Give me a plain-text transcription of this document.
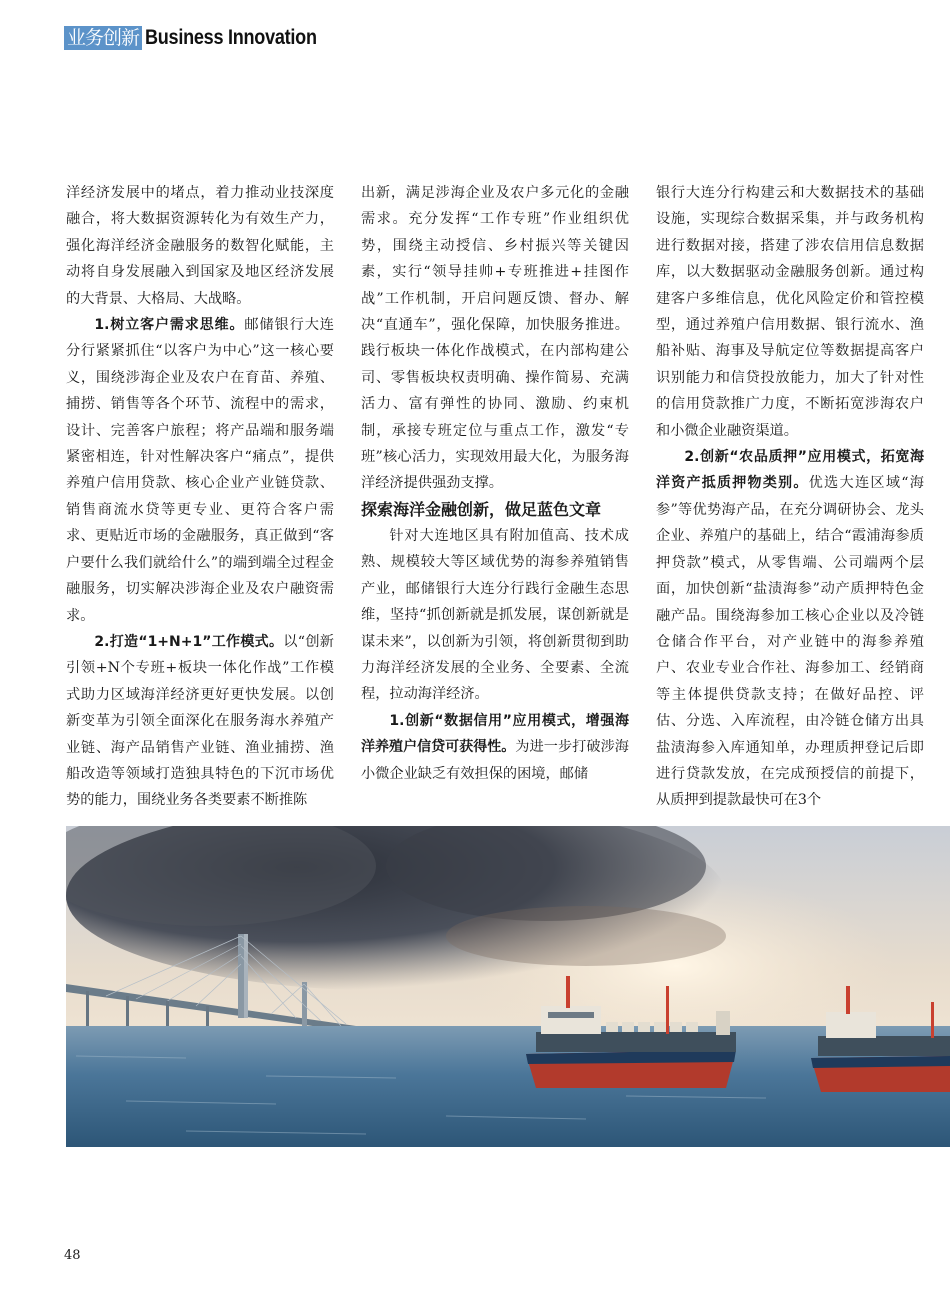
业务创新 Business Innovation

洋经济发展中的堵点，着力推动业技深度融合，将大数据资源转化为有效生产力，强化海洋经济金融服务的数智化赋能，主动将自身发展融入到国家及地区经济发展的大背景、大格局、大战略。

1.树立客户需求思维。邮储银行大连分行紧紧抓住“以客户为中心”这一核心要义，围绕涉海企业及农户在育苗、养殖、捕捞、销售等各个环节、流程中的需求，设计、完善客户旅程；将产品端和服务端紧密相连，针对性解决客户“痛点”，提供养殖户信用贷款、核心企业产业链贷款、销售商流水贷等更专业、更符合客户需求、更贴近市场的金融服务，真正做到“客户要什么我们就给什么”的端到端全过程金融服务，切实解决涉海企业及农户融资需求。

2.打造“1+N+1”工作模式。以“创新引领+N个专班+板块一体化作战”工作模式助力区域海洋经济更好更快发展。以创新变革为引领全面深化在服务海水养殖产业链、海产品销售产业链、渔业捕捞、渔船改造等领域打造独具特色的下沉市场优势的能力，围绕业务各类要素不断推陈

出新，满足涉海企业及农户多元化的金融需求。充分发挥“工作专班”作业组织优势，围绕主动授信、乡村振兴等关键因素，实行“领导挂帅+专班推进+挂图作战”工作机制，开启问题反馈、督办、解决“直通车”，强化保障，加快服务推进。践行板块一体化作战模式，在内部构建公司、零售板块权责明确、操作简易、充满活力、富有弹性的协同、激励、约束机制，承接专班定位与重点工作，激发“专班”核心活力，实现效用最大化，为服务海洋经济提供强劲支撑。

探索海洋金融创新，做足蓝色文章

针对大连地区具有附加值高、技术成熟、规模较大等区域优势的海参养殖销售产业，邮储银行大连分行践行金融生态思维，坚持“抓创新就是抓发展，谋创新就是谋未来”，以创新为引领，将创新贯彻到助力海洋经济发展的全业务、全要素、全流程，拉动海洋经济。

1.创新“数据信用”应用模式，增强海洋养殖户信贷可获得性。为进一步打破涉海小微企业缺乏有效担保的困境，邮储

银行大连分行构建云和大数据技术的基础设施，实现综合数据采集，并与政务机构进行数据对接，搭建了涉农信用信息数据库，以大数据驱动金融服务创新。通过构建客户多维信息，优化风险定价和管控模型，通过养殖户信用数据、银行流水、渔船补贴、海事及导航定位等数据提高客户识别能力和信贷投放能力，加大了针对性的信用贷款推广力度，不断拓宽涉海农户和小微企业融资渠道。

2.创新“农品质押”应用模式，拓宽海洋资产抵质押物类别。优选大连区域“海参”等优势海产品，在充分调研协会、龙头企业、养殖户的基础上，结合“霞浦海参质押贷款”模式，从零售端、公司端两个层面，加快创新“盐渍海参”动产质押特色金融产品。围绕海参加工核心企业以及冷链仓储合作平台，对产业链中的海参养殖户、农业专业合作社、海参加工、经销商等主体提供贷款支持；在做好品控、评估、分选、入库流程，由冷链仓储方出具盐渍海参入库通知单，办理质押登记后即进行贷款发放，在完成预授信的前提下，从质押到提款最快可在3个

48
